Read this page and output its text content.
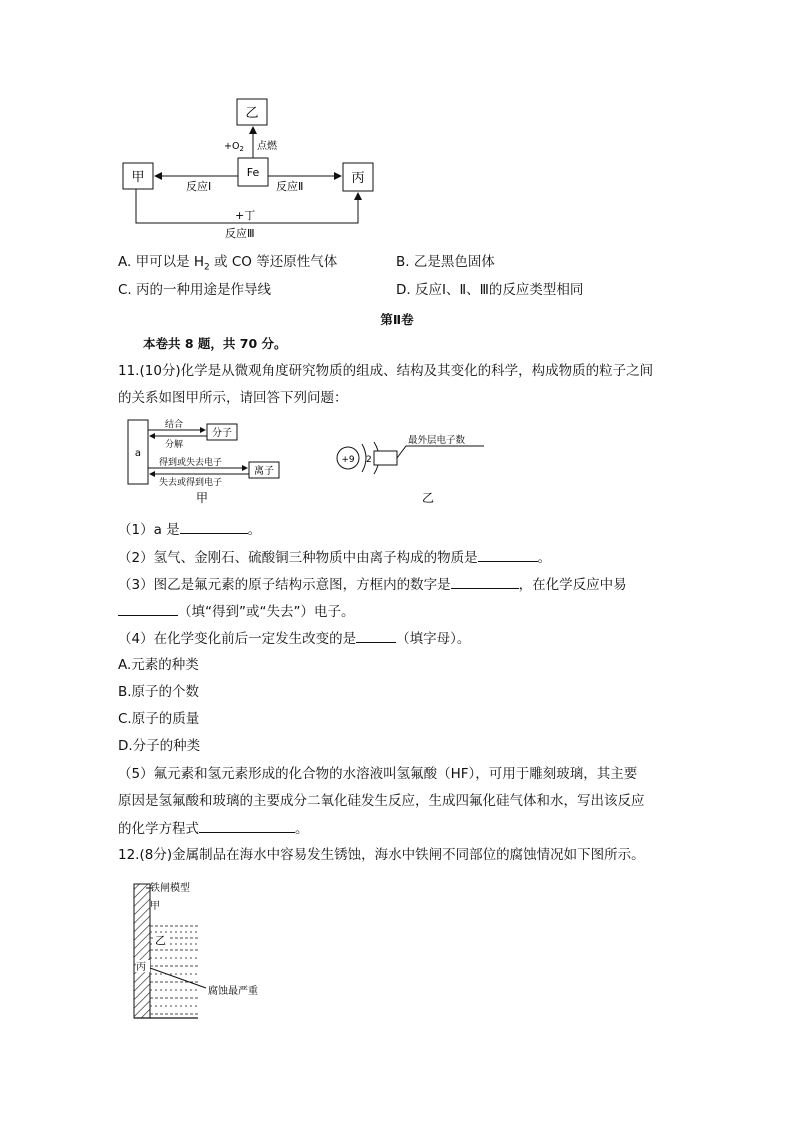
乙
Fe
甲	丙
$+O_2$ 点燃
反应Ⅰ	反应Ⅱ
+丁
反应Ⅲ
A. 甲可以是 $H_2$ 或 CO 等还原性气体	B. 乙是黑色固体
C. 丙的一种用途是作导线	D. 反应Ⅰ、Ⅱ、Ⅲ的反应类型相同
第Ⅱ卷
本卷共 8 题，共 70 分。
11.(10分)化学是从微观角度研究物质的组成、结构及其变化的科学，构成物质的粒子之间
的关系如图甲所示，请回答下列问题：
a
分子
离子
结合
分解
得到或失去电子
失去或得到电子
甲
+9 2
最外层电子数
乙
（1）a 是	。
（2）氢气、金刚石、硫酸铜三种物质中由离子构成的物质是	。
（3）图乙是氟元素的原子结构示意图，方框内的数字是	，在化学反应中易
（填“得到”或“失去”）电子。
（4）在化学变化前后一定发生改变的是	（填字母）。
A.元素的种类
B.原子的个数
C.原子的质量
D.分子的种类
（5）氟元素和氢元素形成的化合物的水溶液叫氢氟酸（HF），可用于雕刻玻璃，其主要
原因是氢氟酸和玻璃的主要成分二氧化硅发生反应，生成四氟化硅气体和水，写出该反应
的化学方程式	。
12.(8分)金属制品在海水中容易发生锈蚀，海水中铁闸不同部位的腐蚀情况如下图所示。
铁闸模型
甲
乙
丙
腐蚀最严重
